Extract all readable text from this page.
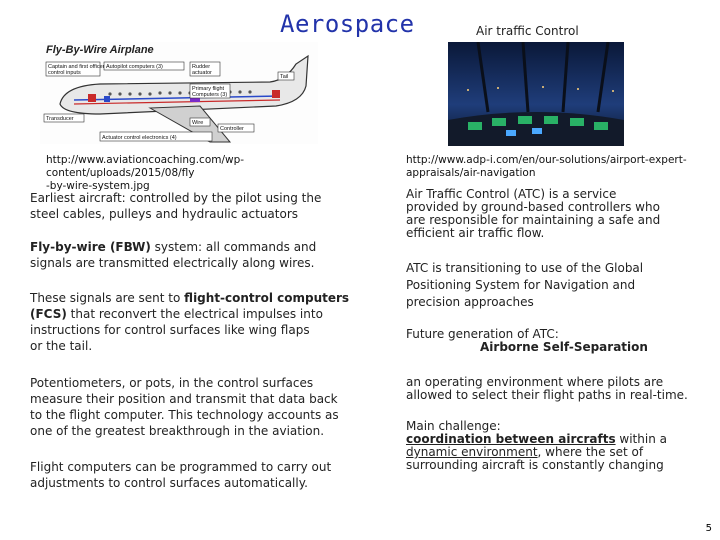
Aerospace	Air traffic Control
Fly-By-Wire Airplane
Captain and first officer
control inputs
Autopilot computers (3)	Rudder
actuator
Tail
Primary flight
Computers (3)
Wire
Transducer
Controller
Actuator control electronics (4)
http://www.aviationcoaching.com/wp-content/uploads/2015/08/fly
-by-wire-system.jpg
http://www.adp-i.com/en/our-solutions/airport-expert-
appraisals/air-navigation
Earliest aircraft: controlled by the pilot using the
steel cables, pulleys and hydraulic actuators
Fly-by-wire (FBW) system: all commands and
signals are transmitted electrically along wires.
These signals are sent to flight-control computers
(FCS) that reconvert the electrical impulses into
instructions for control surfaces like wing flaps
or the tail.
Potentiometers, or pots, in the control surfaces
measure their position and transmit that data back
to the flight computer. This technology accounts as
one of the greatest breakthrough in the aviation.
Flight computers can be programmed to carry out
adjustments to control surfaces automatically.
Air Traffic Control (ATC) is a service
provided by ground-based controllers who
are responsible for maintaining a safe and
efficient air traffic flow.
ATC is transitioning to use of the Global
Positioning System for Navigation and
precision approaches
Future generation of ATC:
Airborne Self-Separation
an operating environment where pilots are
allowed to select their flight paths in real-time.
Main challenge:
coordination between aircrafts within a
dynamic environment, where the set of
surrounding aircraft is constantly changing
5
